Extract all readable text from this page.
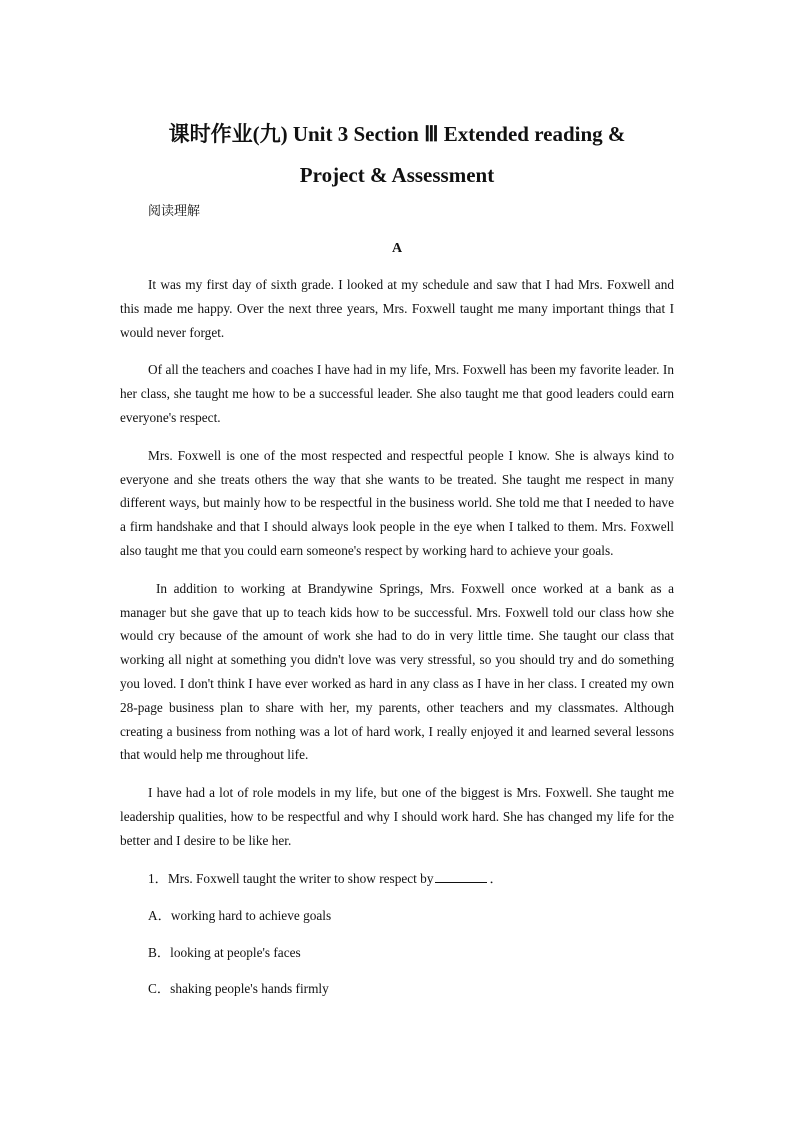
课时作业(九) Unit 3 Section Ⅲ Extended reading &
Project & Assessment
阅读理解
A

It was my first day of sixth grade. I looked at my schedule and saw that I had Mrs. Foxwell and this made me happy. Over the next three years, Mrs. Foxwell taught me many important things that I would never forget.

Of all the teachers and coaches I have had in my life, Mrs. Foxwell has been my favorite leader. In her class, she taught me how to be a successful leader. She also taught me that good leaders could earn everyone's respect.

Mrs. Foxwell is one of the most respected and respectful people I know. She is always kind to everyone and she treats others the way that she wants to be treated. She taught me respect in many different ways, but mainly how to be respectful in the business world. She told me that I needed to have a firm handshake and that I should always look people in the eye when I talked to them. Mrs. Foxwell also taught me that you could earn someone's respect by working hard to achieve your goals.

In addition to working at Brandywine Springs, Mrs. Foxwell once worked at a bank as a manager but she gave that up to teach kids how to be successful. Mrs. Foxwell told our class how she would cry because of the amount of work she had to do in very little time. She taught our class that working all night at something you didn't love was very stressful, so you should try and do something you loved. I don't think I have ever worked as hard in any class as I have in her class. I created my own 28-page business plan to share with her, my parents, other teachers and my classmates. Although creating a business from nothing was a lot of hard work, I really enjoyed it and learned several lessons that would help me throughout life.

I have had a lot of role models in my life, but one of the biggest is Mrs. Foxwell. She taught me leadership qualities, how to be respectful and why I should work hard. She has changed my life for the better and I desire to be like her.

1．Mrs. Foxwell taught the writer to show respect by	．
A．working hard to achieve goals
B．looking at people's faces
C．shaking people's hands firmly
